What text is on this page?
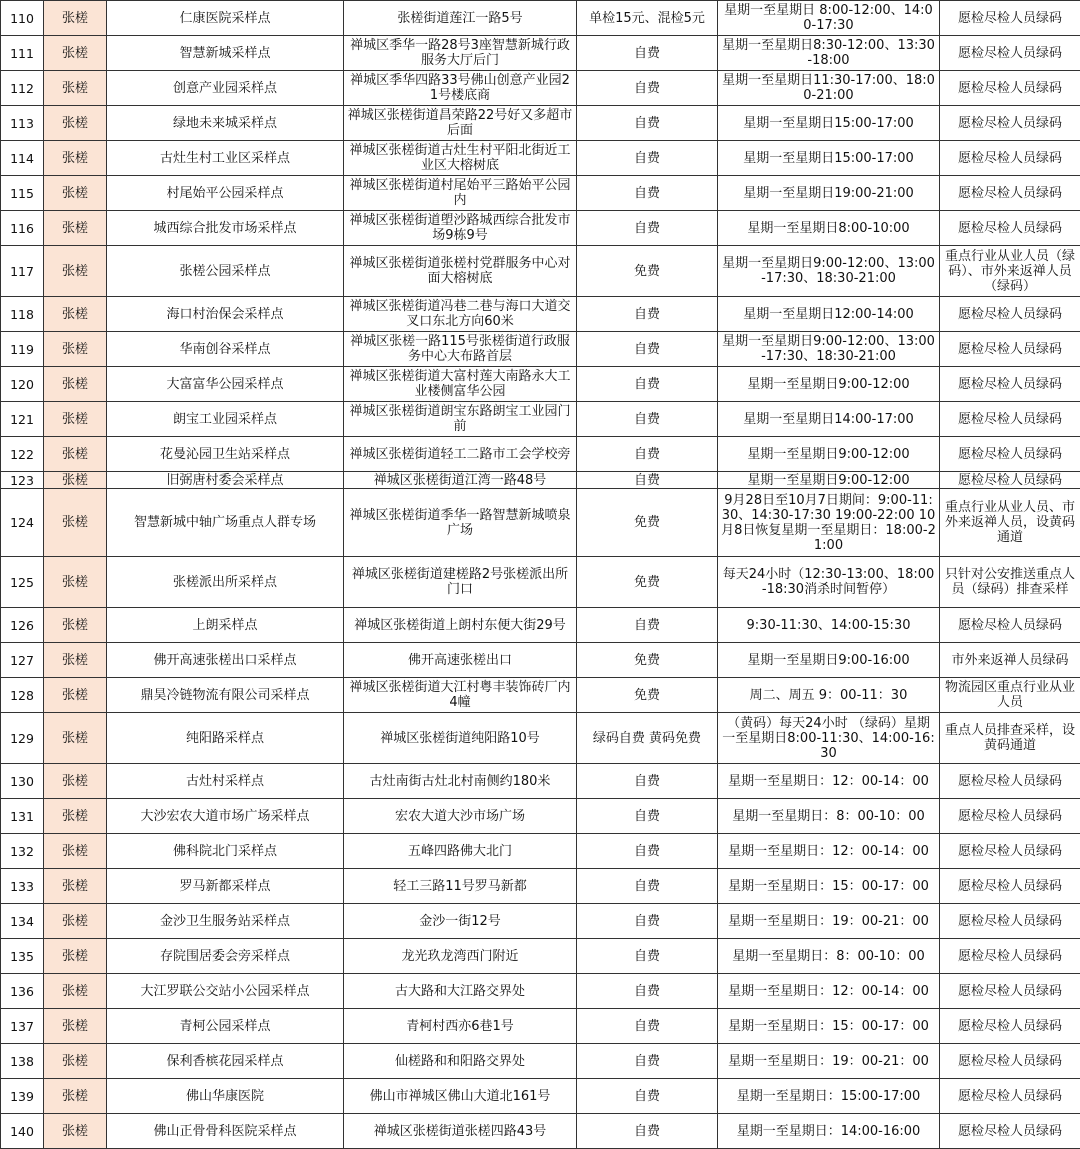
110	张槎	仁康医院采样点	张槎街道莲江一路5号	单检15元、混检5元	星期一至星期日 8:00-12:00、14:00-17:30	愿检尽检人员绿码
111	张槎	智慧新城采样点	禅城区季华一路28号3座智慧新城行政服务大厅后门	自费	星期一至星期日8:30-12:00、13:30-18:00	愿检尽检人员绿码
112	张槎	创意产业园采样点	禅城区季华四路33号佛山创意产业园21号楼底商	自费	星期一至星期日11:30-17:00、18:00-21:00	愿检尽检人员绿码
113	张槎	绿地未来城采样点	禅城区张槎街道昌荣路22号好又多超市后面	自费	星期一至星期日15:00-17:00	愿检尽检人员绿码
114	张槎	古灶生村工业区采样点	禅城区张槎街道古灶生村平阳北街近工业区大榕树底	自费	星期一至星期日15:00-17:00	愿检尽检人员绿码
115	张槎	村尾始平公园采样点	禅城区张槎街道村尾始平三路始平公园内	自费	星期一至星期日19:00-21:00	愿检尽检人员绿码
116	张槎	城西综合批发市场采样点	禅城区张槎街道塱沙路城西综合批发市场9栋9号	自费	星期一至星期日8:00-10:00	愿检尽检人员绿码
117	张槎	张槎公园采样点	禅城区张槎街道张槎村党群服务中心对面大榕树底	免费	星期一至星期日9:00-12:00、13:00-17:30、18:30-21:00	重点行业从业人员（绿码）、市外来返禅人员（绿码）
118	张槎	海口村治保会采样点	禅城区张槎街道冯巷二巷与海口大道交叉口东北方向60米	自费	星期一至星期日12:00-14:00	愿检尽检人员绿码
119	张槎	华南创谷采样点	禅城区张槎一路115号张槎街道行政服务中心大布路首层	自费	星期一至星期日9:00-12:00、13:00-17:30、18:30-21:00	愿检尽检人员绿码
120	张槎	大富富华公园采样点	禅城区张槎街道大富村莲大南路永大工业楼侧富华公园	自费	星期一至星期日9:00-12:00	愿检尽检人员绿码
121	张槎	朗宝工业园采样点	禅城区张槎街道朗宝东路朗宝工业园门前	自费	星期一至星期日14:00-17:00	愿检尽检人员绿码
122	张槎	花曼沁园卫生站采样点	禅城区张槎街道轻工二路市工会学校旁	自费	星期一至星期日9:00-12:00	愿检尽检人员绿码
123	张槎	旧弼唐村委会采样点	禅城区张槎街道江湾一路48号	自费	星期一至星期日9:00-12:00	愿检尽检人员绿码
124	张槎	智慧新城中轴广场重点人群专场	禅城区张槎街道季华一路智慧新城喷泉广场	免费	9月28日至10月7日期间：9:00-11:30、14:30-17:30 19:00-22:00 10月8日恢复星期一至星期日：18:00-21:00	重点行业从业人员、市外来返禅人员，设黄码通道
125	张槎	张槎派出所采样点	禅城区张槎街道建槎路2号张槎派出所门口	免费	每天24小时（12:30-13:00、18:00-18:30消杀时间暂停）	只针对公安推送重点人员（绿码）排查采样
126	张槎	上朗采样点	禅城区张槎街道上朗村东便大街29号	自费	9:30-11:30、14:00-15:30	愿检尽检人员绿码
127	张槎	佛开高速张槎出口采样点	佛开高速张槎出口	免费	星期一至星期日9:00-16:00	市外来返禅人员绿码
128	张槎	鼎昊冷链物流有限公司采样点	禅城区张槎街道大江村粤丰装饰砖厂内4幢	免费	周二、周五 9：00-11：30	物流园区重点行业从业人员
129	张槎	纯阳路采样点	禅城区张槎街道纯阳路10号	绿码自费 黄码免费	（黄码）每天24小时 （绿码）星期一至星期日8:00-11:30、14:00-16:30	重点人员排查采样，设黄码通道
130	张槎	古灶村采样点	古灶南街古灶北村南侧约180米	自费	星期一至星期日：12：00-14：00	愿检尽检人员绿码
131	张槎	大沙宏农大道市场广场采样点	宏农大道大沙市场广场	自费	星期一至星期日：8：00-10：00	愿检尽检人员绿码
132	张槎	佛科院北门采样点	五峰四路佛大北门	自费	星期一至星期日：12：00-14：00	愿检尽检人员绿码
133	张槎	罗马新都采样点	轻工三路11号罗马新都	自费	星期一至星期日：15：00-17：00	愿检尽检人员绿码
134	张槎	金沙卫生服务站采样点	金沙一街12号	自费	星期一至星期日：19：00-21：00	愿检尽检人员绿码
135	张槎	存院围居委会旁采样点	龙光玖龙湾西门附近	自费	星期一至星期日：8：00-10：00	愿检尽检人员绿码
136	张槎	大江罗联公交站小公园采样点	古大路和大江路交界处	自费	星期一至星期日：12：00-14：00	愿检尽检人员绿码
137	张槎	青柯公园采样点	青柯村西亦6巷1号	自费	星期一至星期日：15：00-17：00	愿检尽检人员绿码
138	张槎	保利香槟花园采样点	仙槎路和和阳路交界处	自费	星期一至星期日：19：00-21：00	愿检尽检人员绿码
139	张槎	佛山华康医院	佛山市禅城区佛山大道北161号	自费	星期一至星期日：15:00-17:00	愿检尽检人员绿码
140	张槎	佛山正骨骨科医院采样点	禅城区张槎街道张槎四路43号	自费	星期一至星期日：14:00-16:00	愿检尽检人员绿码
